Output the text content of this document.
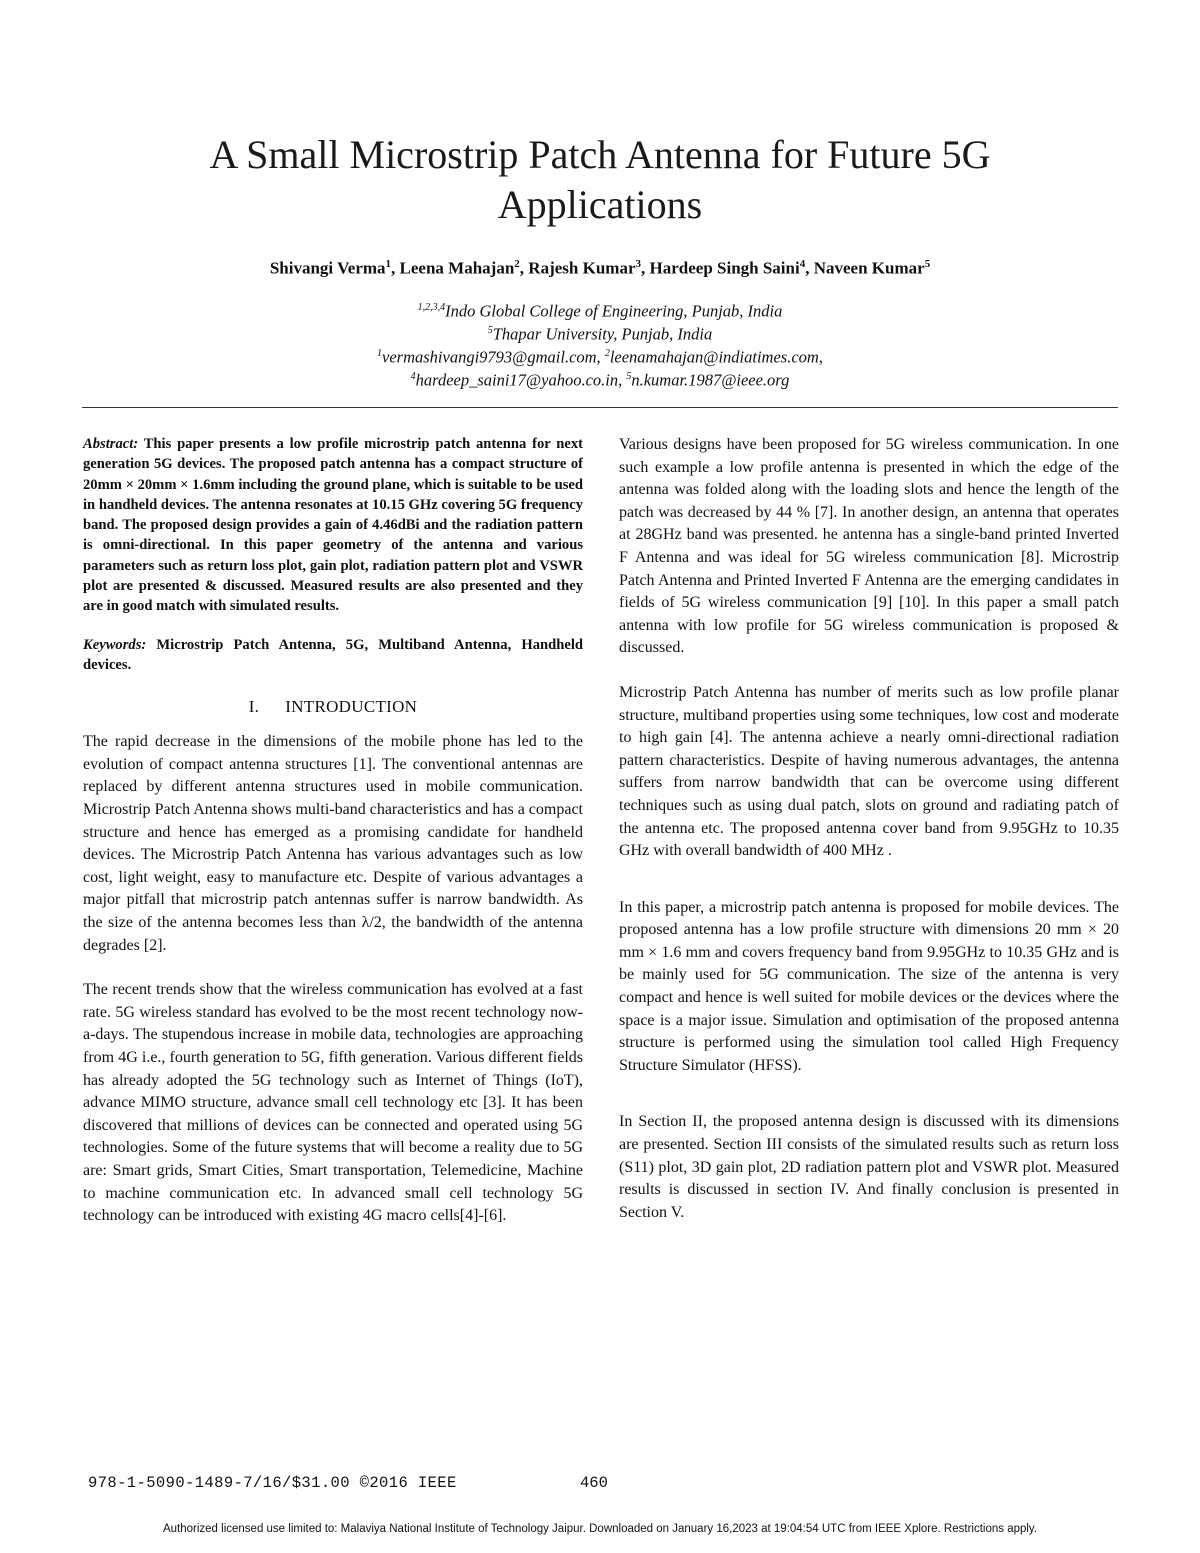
A Small Microstrip Patch Antenna for Future 5G
Applications
Shivangi Verma$^1$, Leena Mahajan$^2$, Rajesh Kumar$^3$, Hardeep Singh Saini$^4$, Naveen Kumar$^5$
$^{1,2,3,4}$Indo Global College of Engineering, Punjab, India
$^5$Thapar University, Punjab, India
$^1$vermashivangi9793@gmail.com, $^2$leenamahajan@indiatimes.com,
$^4$hardeep_saini17@yahoo.co.in, $^5$n.kumar.1987@ieee.org

Abstract: This paper presents a low profile microstrip patch antenna for next generation 5G devices. The proposed patch antenna has a compact structure of 20mm × 20mm × 1.6mm including the ground plane, which is suitable to be used in handheld devices. The antenna resonates at 10.15 GHz covering 5G frequency band. The proposed design provides a gain of 4.46dBi and the radiation pattern is omni-directional. In this paper geometry of the antenna and various parameters such as return loss plot, gain plot, radiation pattern plot and VSWR plot are presented & discussed. Measured results are also presented and they are in good match with simulated results.

Keywords: Microstrip Patch Antenna, 5G, Multiband Antenna, Handheld devices.

I. INTRODUCTION

The rapid decrease in the dimensions of the mobile phone has led to the evolution of compact antenna structures [1]. The conventional antennas are replaced by different antenna structures used in mobile communication. Microstrip Patch Antenna shows multi-band characteristics and has a compact structure and hence has emerged as a promising candidate for handheld devices. The Microstrip Patch Antenna has various advantages such as low cost, light weight, easy to manufacture etc. Despite of various advantages a major pitfall that microstrip patch antennas suffer is narrow bandwidth. As the size of the antenna becomes less than λ/2, the bandwidth of the antenna degrades [2].

The recent trends show that the wireless communication has evolved at a fast rate. 5G wireless standard has evolved to be the most recent technology now-a-days. The stupendous increase in mobile data, technologies are approaching from 4G i.e., fourth generation to 5G, fifth generation. Various different fields has already adopted the 5G technology such as Internet of Things (IoT), advance MIMO structure, advance small cell technology etc [3]. It has been discovered that millions of devices can be connected and operated using 5G technologies. Some of the future systems that will become a reality due to 5G are: Smart grids, Smart Cities, Smart transportation, Telemedicine, Machine to machine communication etc. In advanced small cell technology 5G technology can be introduced with existing 4G macro cells[4]-[6].

Various designs have been proposed for 5G wireless communication. In one such example a low profile antenna is presented in which the edge of the antenna was folded along with the loading slots and hence the length of the patch was decreased by 44 % [7]. In another design, an antenna that operates at 28GHz band was presented. he antenna has a single-band printed Inverted F Antenna and was ideal for 5G wireless communication [8]. Microstrip Patch Antenna and Printed Inverted F Antenna are the emerging candidates in fields of 5G wireless communication [9] [10]. In this paper a small patch antenna with low profile for 5G wireless communication is proposed & discussed.

Microstrip Patch Antenna has number of merits such as low profile planar structure, multiband properties using some techniques, low cost and moderate to high gain [4]. The antenna achieve a nearly omni-directional radiation pattern characteristics. Despite of having numerous advantages, the antenna suffers from narrow bandwidth that can be overcome using different techniques such as using dual patch, slots on ground and radiating patch of the antenna etc. The proposed antenna cover band from 9.95GHz to 10.35 GHz with overall bandwidth of 400 MHz .

In this paper, a microstrip patch antenna is proposed for mobile devices. The proposed antenna has a low profile structure with dimensions 20 mm × 20 mm × 1.6 mm and covers frequency band from 9.95GHz to 10.35 GHz and is be mainly used for 5G communication. The size of the antenna is very compact and hence is well suited for mobile devices or the devices where the space is a major issue. Simulation and optimisation of the proposed antenna structure is performed using the simulation tool called High Frequency Structure Simulator (HFSS).

In Section II, the proposed antenna design is discussed with its dimensions are presented. Section III consists of the simulated results such as return loss (S11) plot, 3D gain plot, 2D radiation pattern plot and VSWR plot. Measured results is discussed in section IV. And finally conclusion is presented in Section V.

978-1-5090-1489-7/16/$31.00 ©2016 IEEE	460
Authorized licensed use limited to: Malaviya National Institute of Technology Jaipur. Downloaded on January 16,2023 at 19:04:54 UTC from IEEE Xplore. Restrictions apply.
